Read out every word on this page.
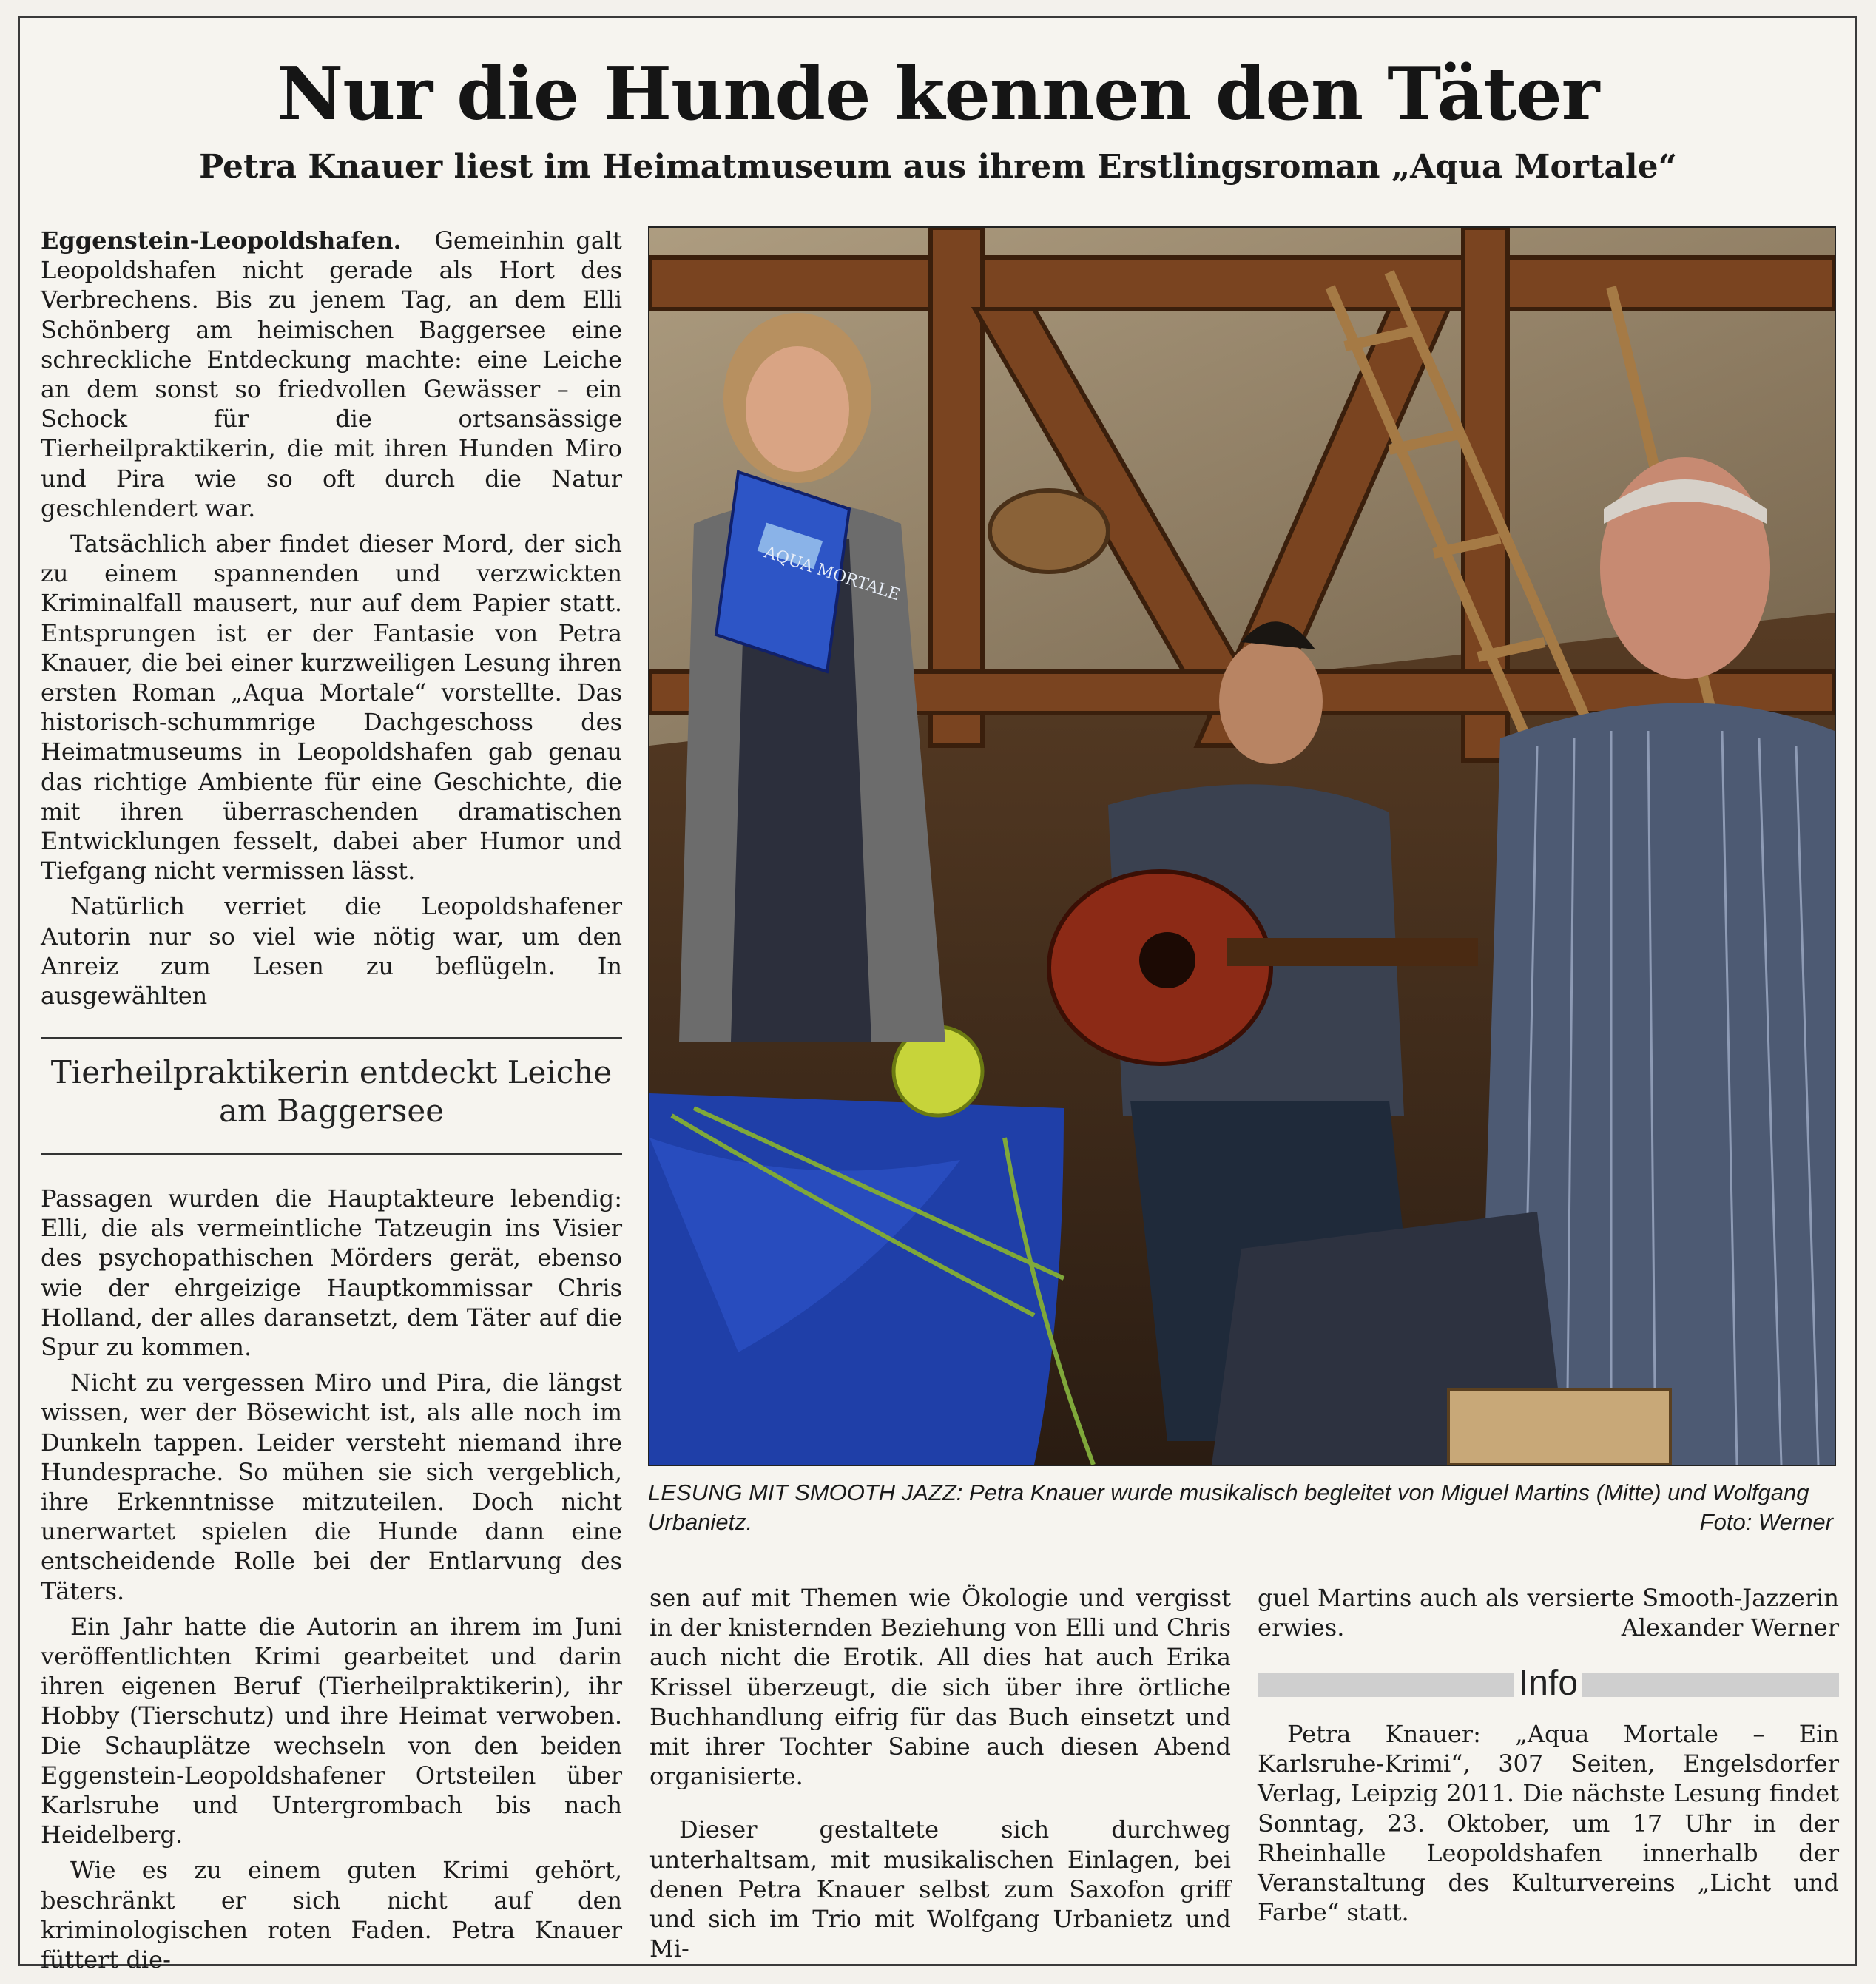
Nur die Hunde kennen den Täter
Petra Knauer liest im Heimatmuseum aus ihrem Erstlingsroman „Aqua Mortale“

Eggenstein-Leopoldshafen. Gemeinhin galt Leopoldshafen nicht gerade als Hort des Verbrechens. Bis zu jenem Tag, an dem Elli Schönberg am heimischen Baggersee eine schreckliche Entdeckung machte: eine Leiche an dem sonst so friedvollen Gewässer – ein Schock für die ortsansässige Tierheilpraktikerin, die mit ihren Hunden Miro und Pira wie so oft durch die Natur geschlendert war.

Tatsächlich aber findet dieser Mord, der sich zu einem spannenden und verzwickten Kriminalfall mausert, nur auf dem Papier statt. Entsprungen ist er der Fantasie von Petra Knauer, die bei einer kurzweiligen Lesung ihren ersten Roman „Aqua Mortale“ vorstellte. Das historisch-schummrige Dachgeschoss des Heimatmuseums in Leopoldshafen gab genau das richtige Ambiente für eine Geschichte, die mit ihren überraschenden dramatischen Entwicklungen fesselt, dabei aber Humor und Tiefgang nicht vermissen lässt.

Natürlich verriet die Leopoldshafener Autorin nur so viel wie nötig war, um den Anreiz zum Lesen zu beflügeln. In ausgewählten

Tierheilpraktikerin entdeckt Leiche am Baggersee

Passagen wurden die Hauptakteure lebendig: Elli, die als vermeintliche Tatzeugin ins Visier des psychopathischen Mörders gerät, ebenso wie der ehrgeizige Hauptkommissar Chris Holland, der alles daransetzt, dem Täter auf die Spur zu kommen.

Nicht zu vergessen Miro und Pira, die längst wissen, wer der Bösewicht ist, als alle noch im Dunkeln tappen. Leider versteht niemand ihre Hundesprache. So mühen sie sich vergeblich, ihre Erkenntnisse mitzuteilen. Doch nicht unerwartet spielen die Hunde dann eine entscheidende Rolle bei der Entlarvung des Täters.

Ein Jahr hatte die Autorin an ihrem im Juni veröffentlichten Krimi gearbeitet und darin ihren eigenen Beruf (Tierheilpraktikerin), ihr Hobby (Tierschutz) und ihre Heimat verwoben. Die Schauplätze wechseln von den beiden Eggenstein-Leopoldshafener Ortsteilen über Karlsruhe und Untergrombach bis nach Heidelberg.

Wie es zu einem guten Krimi gehört, beschränkt er sich nicht auf den kriminologischen roten Faden. Petra Knauer füttert die-

AQUA MORTALE
LESUNG MIT SMOOTH JAZZ: Petra Knauer wurde musikalisch begleitet von Miguel Martins (Mitte) und Wolfgang Urbanietz.	Foto: Werner

sen auf mit Themen wie Ökologie und vergisst in der knisternden Beziehung von Elli und Chris auch nicht die Erotik. All dies hat auch Erika Krissel überzeugt, die sich über ihre örtliche Buchhandlung eifrig für das Buch einsetzt und mit ihrer Tochter Sabine auch diesen Abend organisierte.

Dieser gestaltete sich durchweg unterhaltsam, mit musikalischen Einlagen, bei denen Petra Knauer selbst zum Saxofon griff und sich im Trio mit Wolfgang Urbanietz und Mi-

guel Martins auch als versierte Smooth-Jazzerin erwies.	Alexander Werner
Info

Petra Knauer: „Aqua Mortale – Ein Karlsruhe-Krimi“, 307 Seiten, Engelsdorfer Verlag, Leipzig 2011. Die nächste Lesung findet Sonntag, 23. Oktober, um 17 Uhr in der Rheinhalle Leopoldshafen innerhalb der Veranstaltung des Kulturvereins „Licht und Farbe“ statt.
